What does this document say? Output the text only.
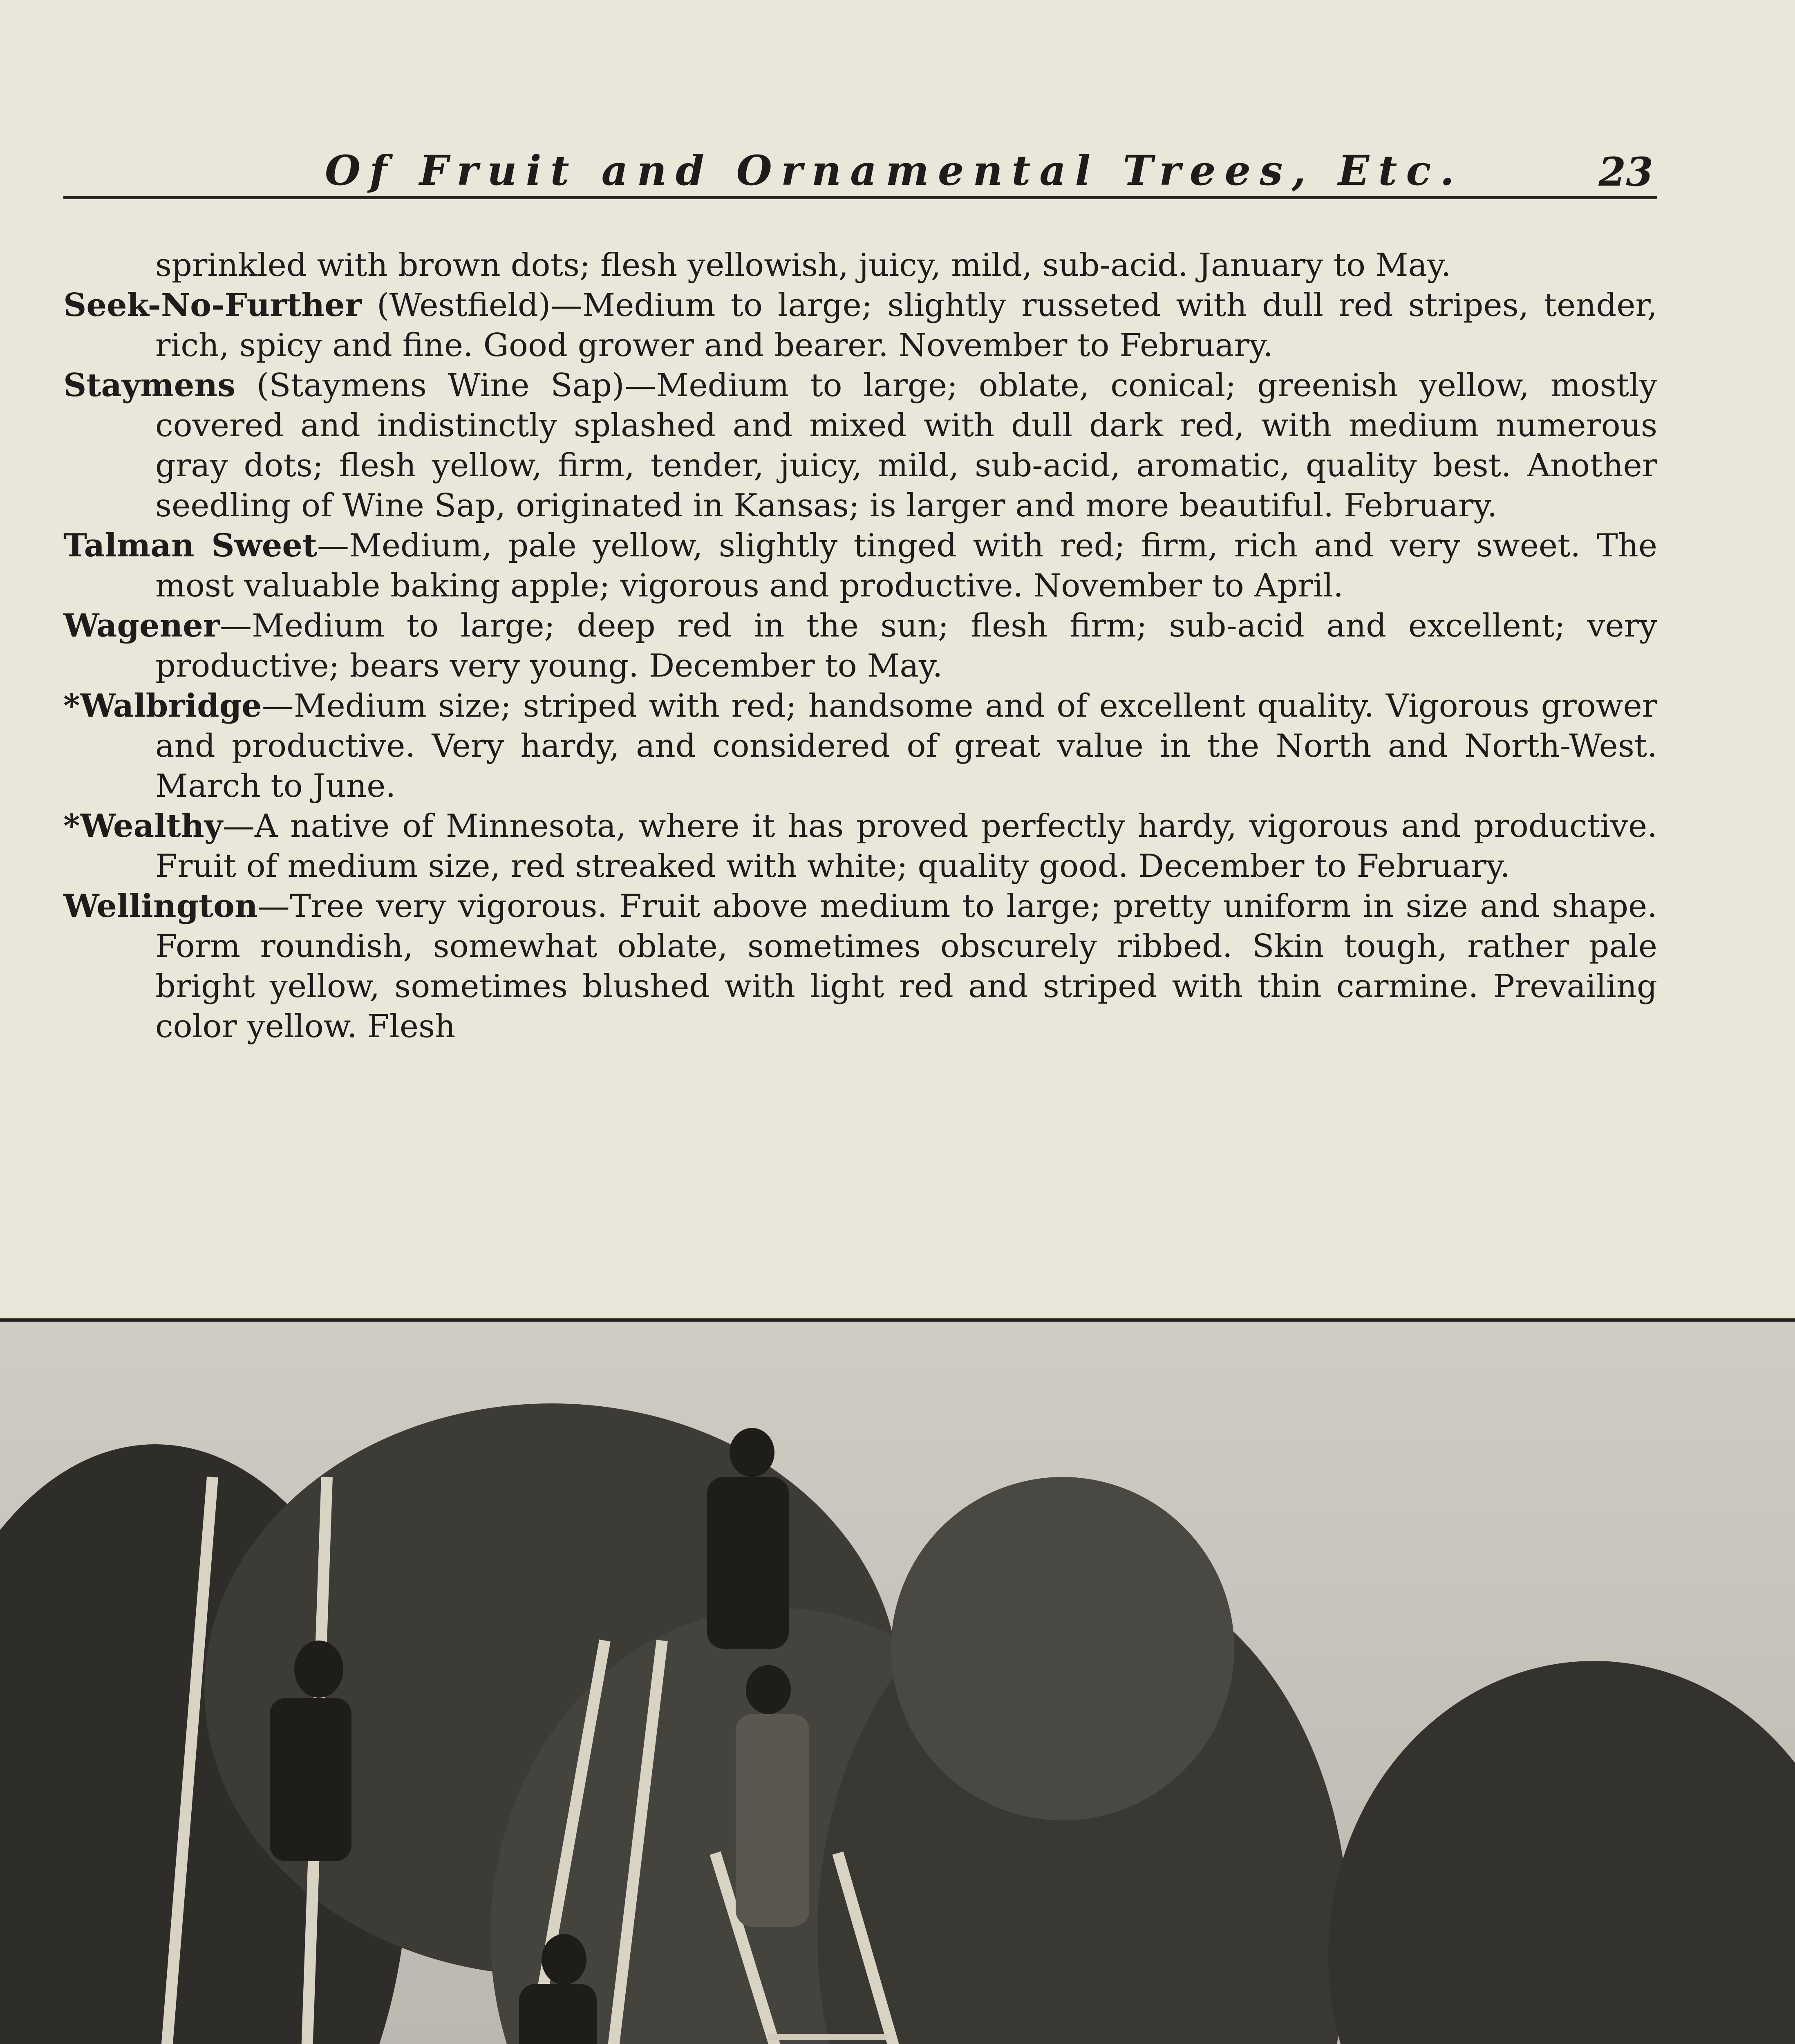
Of Fruit and Ornamental Trees, Etc.	23

sprinkled with brown dots; flesh yellowish, juicy, mild, sub-acid. January to May.

Seek-No-Further (Westfield)—Medium to large; slightly russeted with dull red stripes, tender, rich, spicy and fine. Good grower and bearer. November to February.

Staymens (Staymens Wine Sap)—Medium to large; oblate, conical; greenish yellow, mostly covered and indistinctly splashed and mixed with dull dark red, with medium numerous gray dots; flesh yellow, firm, tender, juicy, mild, sub-acid, aromatic, quality best. Another seedling of Wine Sap, originated in Kansas; is larger and more beautiful. February.

Talman Sweet—Medium, pale yellow, slightly tinged with red; firm, rich and very sweet. The most valuable baking apple; vigorous and productive. November to April.

Wagener—Medium to large; deep red in the sun; flesh firm; sub-acid and excellent; very productive; bears very young. December to May.

*Walbridge—Medium size; striped with red; handsome and of excellent quality. Vigorous grower and productive. Very hardy, and considered of great value in the North and North-West. March to June.

*Wealthy—A native of Minnesota, where it has proved perfectly hardy, vigorous and productive. Fruit of medium size, red streaked with white; quality good. December to February.

Wellington—Tree very vigorous. Fruit above medium to large; pretty uniform in size and shape. Form roundish, somewhat oblate, sometimes obscurely ribbed. Skin tough, rather pale bright yellow, sometimes blushed with light red and striped with thin carmine. Prevailing color yellow. Flesh
